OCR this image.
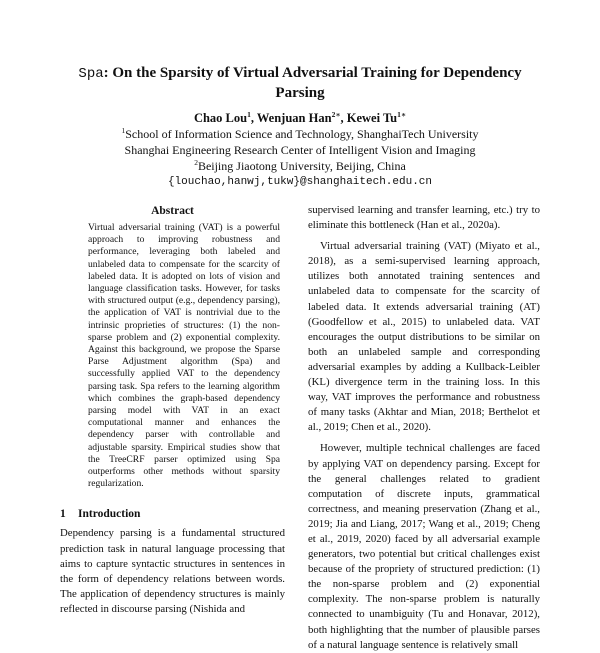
Spa: On the Sparsity of Virtual Adversarial Training for Dependency Parsing
Chao Lou$^1$, Wenjuan Han$^{2∗}$, Kewei $Tu^{1∗}$
$^1$School of Information Science and Technology, ShanghaiTech University
Shanghai Engineering Research Center of Intelligent Vision and Imaging
$^2$Beijing Jiaotong University, Beijing, China
{louchao,hanwj,tukw}@shanghaitech.edu.cn
Abstract

Virtual adversarial training (VAT) is a powerful approach to improving robustness and performance, leveraging both labeled and unlabeled data to compensate for the scarcity of labeled data. It is adopted on lots of vision and language classification tasks. However, for tasks with structured output (e.g., dependency parsing), the application of VAT is nontrivial due to the intrinsic proprieties of structures: (1) the non-sparse problem and (2) exponential complexity. Against this background, we propose the Sparse Parse Adjustment algorithm (Spa) and successfully applied VAT to the dependency parsing task. Spa refers to the learning algorithm which combines the graph-based dependency parsing model with VAT in an exact computational manner and enhances the dependency parser with controllable and adjustable sparsity. Empirical studies show that the TreeCRF parser optimized using Spa outperforms other methods without sparsity regularization.

1 Introduction

Dependency parsing is a fundamental structured prediction task in natural language processing that aims to capture syntactic structures in sentences in the form of dependency relations between words. The application of dependency structures is mainly reflected in discourse parsing (Nishida and

supervised learning and transfer learning, etc.) try to eliminate this bottleneck (Han et al., 2020a).

Virtual adversarial training (VAT) (Miyato et al., 2018), as a semi-supervised learning approach, utilizes both annotated training sentences and unlabeled data to compensate for the scarcity of labeled data. It extends adversarial training (AT) (Goodfellow et al., 2015) to unlabeled data. VAT encourages the output distributions to be similar on both an unlabeled sample and corresponding adversarial examples by adding a Kullback-Leibler (KL) divergence term in the training loss. In this way, VAT improves the performance and robustness of many tasks (Akhtar and Mian, 2018; Berthelot et al., 2019; Chen et al., 2020).

However, multiple technical challenges are faced by applying VAT on dependency parsing. Except for the general challenges related to gradient computation of discrete inputs, grammatical correctness, and meaning preservation (Zhang et al., 2019; Jia and Liang, 2017; Wang et al., 2019; Cheng et al., 2019, 2020) faced by all adversarial example generators, two potential but critical challenges exist because of the propriety of structured prediction: (1) the non-sparse problem and (2) exponential complexity. The non-sparse problem is naturally connected to unambiguity (Tu and Honavar, 2012), both highlighting that the number of plausible parses of a natural language sentence is relatively small
